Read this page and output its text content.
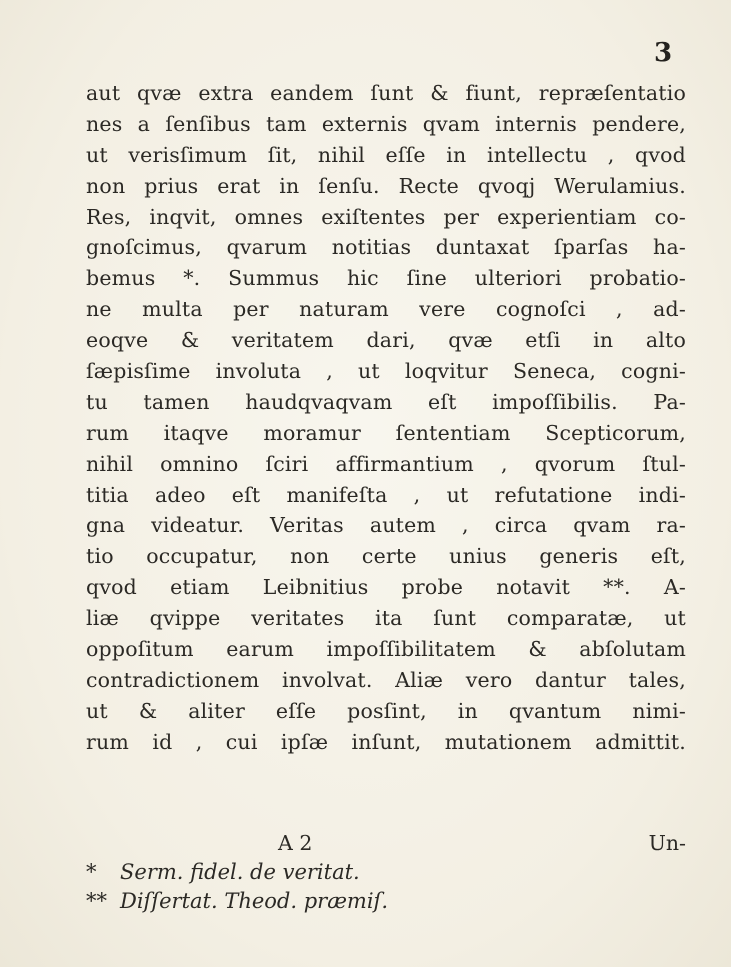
3
aut qvæ extra eandem ſunt & fiunt, repræſentatio
nes a ſenſibus tam externis qvam internis pendere,
ut verisſimum ſit, nihil eſſe in intellectu , qvod
non prius erat in ſenſu. Recte qvoqj Werulamius.
Res, inqvit, omnes exiſtentes per experientiam co-
gnoſcimus, qvarum notitias duntaxat ſparſas ha-
bemus *. Summus hic ſine ulteriori probatio-
ne multa per naturam vere cognoſci , ad-
eoqve & veritatem dari, qvæ etſi in alto
ſæpisſime involuta , ut loqvitur Seneca, cogni-
tu tamen haudqvaqvam eſt impoſſibilis. Pa-
rum itaqve moramur ſententiam Scepticorum,
nihil omnino ſciri affirmantium , qvorum ſtul-
titia adeo eſt manifeſta , ut refutatione indi-
gna videatur. Veritas autem , circa qvam ra-
tio occupatur, non certe unius generis eſt,
qvod etiam Leibnitius probe notavit **. A-
liæ qvippe veritates ita ſunt comparatæ, ut
oppoſitum earum impoſſibilitatem & abſolutam
contradictionem involvat. Aliæ vero dantur tales,
ut & aliter eſſe posſint, in qvantum nimi-
rum id , cui ipſæ inſunt, mutationem admittit.
A 2	Un-
* Serm. fidel. de veritat.
** Diſſertat. Theod. præmiſ.
